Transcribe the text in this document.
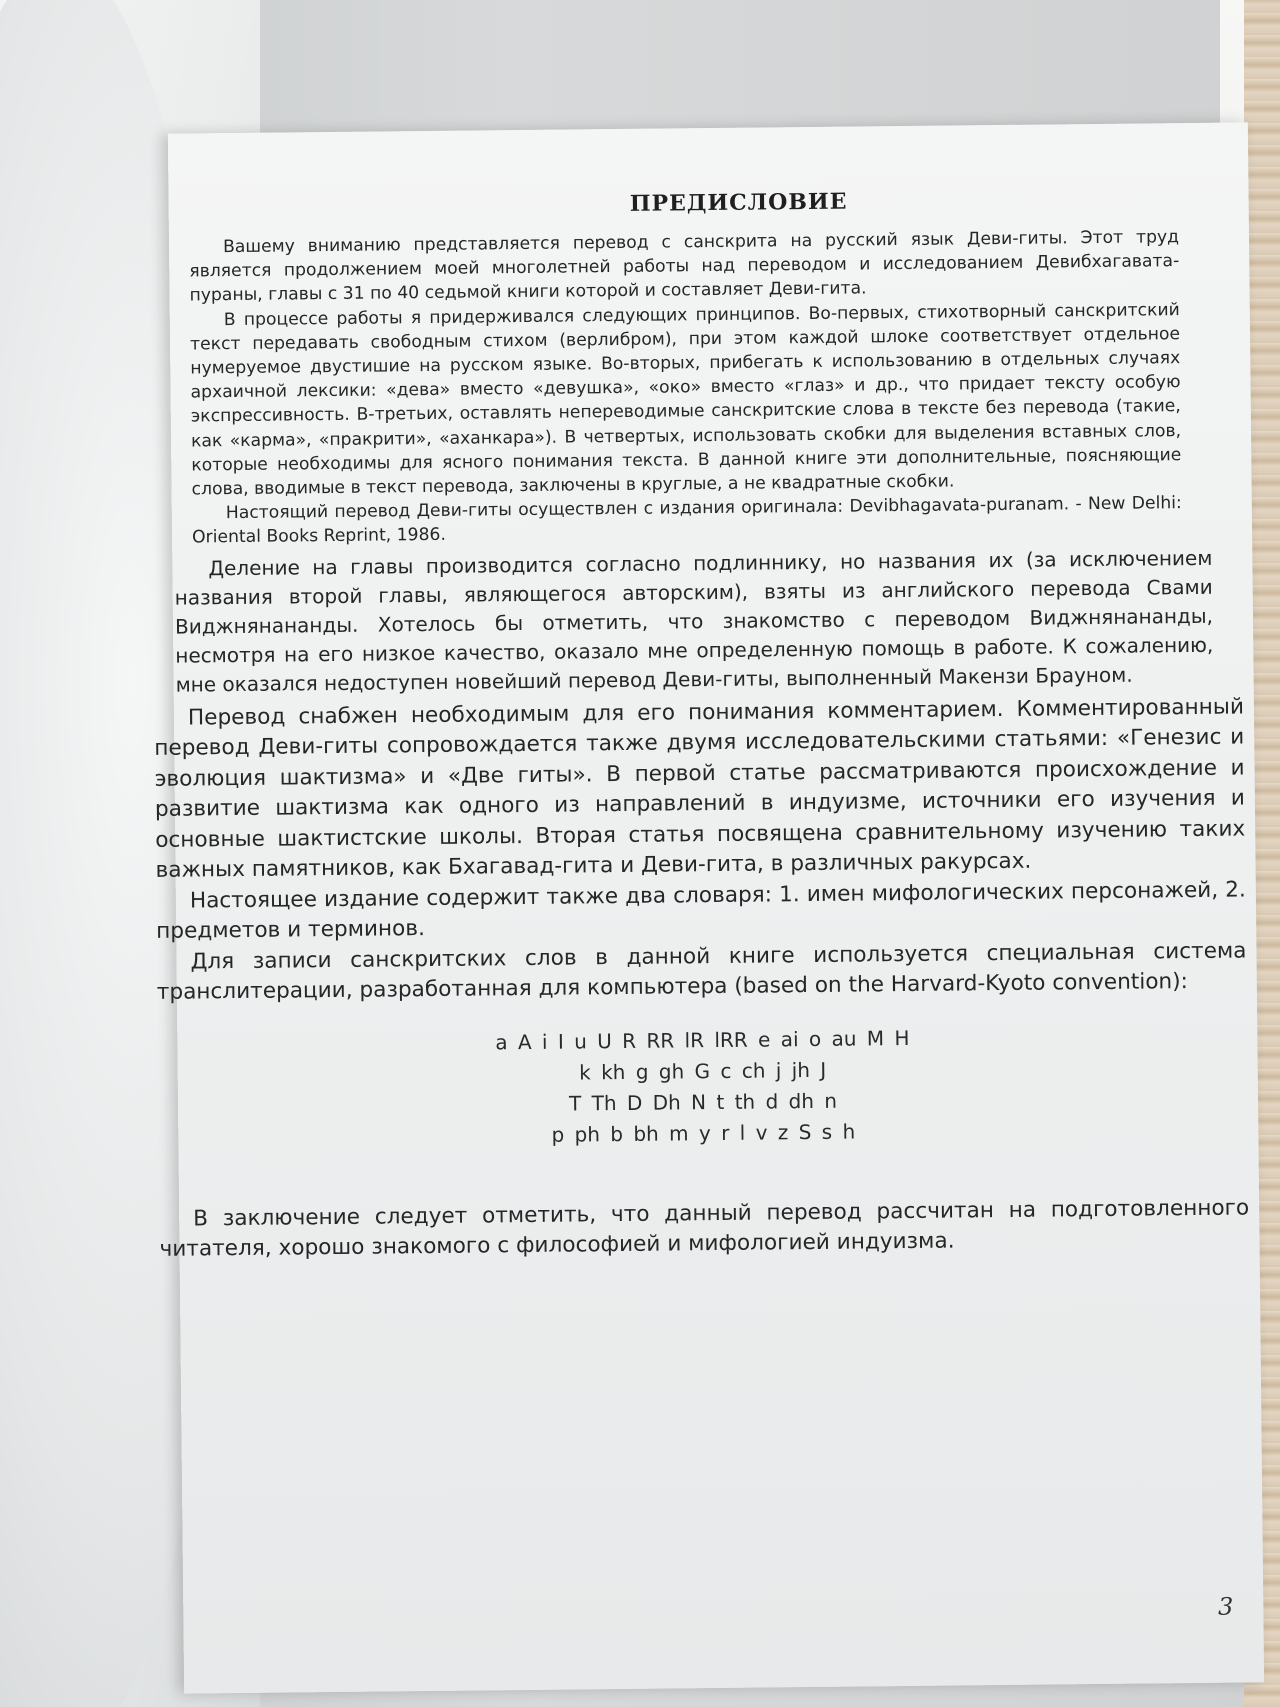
ПРЕДИСЛОВИЕ

Вашему вниманию представляется перевод с санскрита на русский язык Деви-гиты. Этот труд является продолжением моей многолетней работы над переводом и исследованием Девибхагавата-пураны, главы с 31 по 40 седьмой книги которой и составляет Деви-гита.

В процессе работы я придерживался следующих принципов. Во-первых, стихотворный санскритский текст передавать свободным стихом (верлибром), при этом каждой шлоке соответствует отдельное нумеруемое двустишие на русском языке. Во-вторых, прибегать к использованию в отдельных случаях архаичной лексики: «дева» вместо «девушка», «око» вместо «глаз» и др., что придает тексту особую экспрессивность. В-третьих, оставлять непереводимые санскритские слова в тексте без перевода (такие, как «карма», «пракрити», «аханкара»). В четвертых, использовать скобки для выделения вставных слов, которые необходимы для ясного понимания текста. В данной книге эти дополнительные, поясняющие слова, вводимые в текст перевода, заключены в круглые, а не квадратные скобки.

Настоящий перевод Деви-гиты осуществлен с издания оригинала: Devibhagavata-puranam. - New Delhi: Oriental Books Reprint, 1986.

Деление на главы производится согласно подлиннику, но названия их (за исключением названия второй главы, являющегося авторским), взяты из английского перевода Свами Виджнянананды. Хотелось бы отметить, что знакомство с переводом Виджнянананды, несмотря на его низкое качество, оказало мне определенную помощь в работе. К сожалению, мне оказался недоступен новейший перевод Деви-гиты, выполненный Макензи Брауном.

Перевод снабжен необходимым для его понимания комментарием. Комментированный перевод Деви-гиты сопровождается также двумя исследовательскими статьями: «Генезис и эволюция шактизма» и «Две гиты». В первой статье рассматриваются происхождение и развитие шактизма как одного из направлений в индуизме, источники его изучения и основные шактистские школы. Вторая статья посвящена сравнительному изучению таких важных памятников, как Бхагавад-гита и Деви-гита, в различных ракурсах.

Настоящее издание содержит также два словаря: 1. имен мифологических персонажей, 2. предметов и терминов.

Для записи санскритских слов в данной книге используется специальная система транслитерации, разработанная для компьютера (based on the Harvard-Kyoto convention):

a A i I u U R RR lR lRR e ai o au M H
k kh g gh G c ch j jh J
T Th D Dh N t th d dh n
p ph b bh m y r l v z S s h

В заключение следует отметить, что данный перевод рассчитан на подготовленного читателя, хорошо знакомого с философией и мифологией индуизма.

3
